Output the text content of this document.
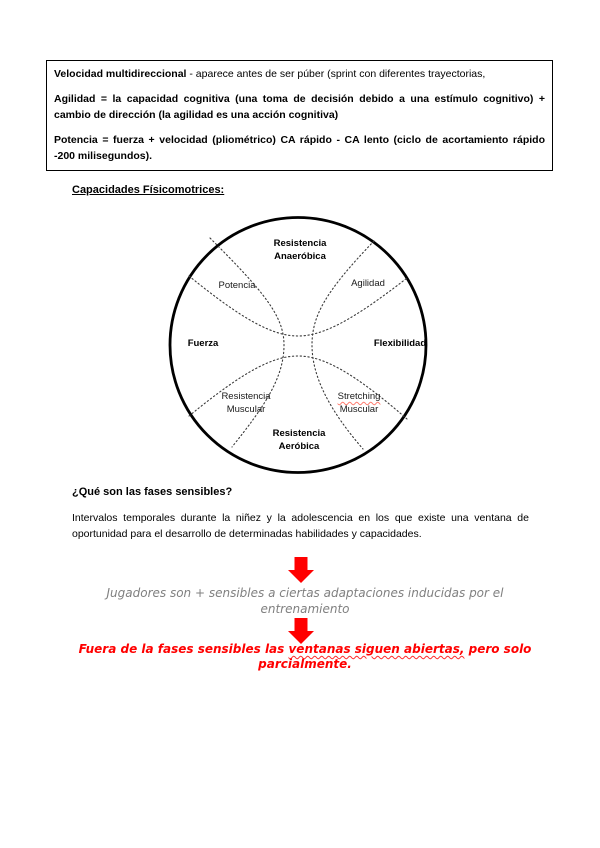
Velocidad multidireccional - aparece antes de ser púber (sprint con diferentes trayectorias,

Agilidad = la capacidad cognitiva (una toma de decisión debido a una estímulo cognitivo) + cambio de dirección (la agilidad es una acción cognitiva)

Potencia = fuerza + velocidad (pliométrico) CA rápido - CA lento (ciclo de acortamiento rápido -200 milisegundos).

Capacidades Físicomotrices:
Resistencia
Anaeróbica
Potencia	Agilidad
Fuerza	Flexibilidad
Resistencia
Muscular
Stretching
Muscular
Resistencia
Aeróbica
¿Qué son las fases sensibles?
Intervalos temporales durante la niñez y la adolescencia en los que existe una ventana de oportunidad para el desarrollo de determinadas habilidades y capacidades.
Jugadores son + sensibles a ciertas adaptaciones inducidas por el entrenamiento
Fuera de la fases sensibles las ventanas siguen abiertas, pero solo parcialmente.
